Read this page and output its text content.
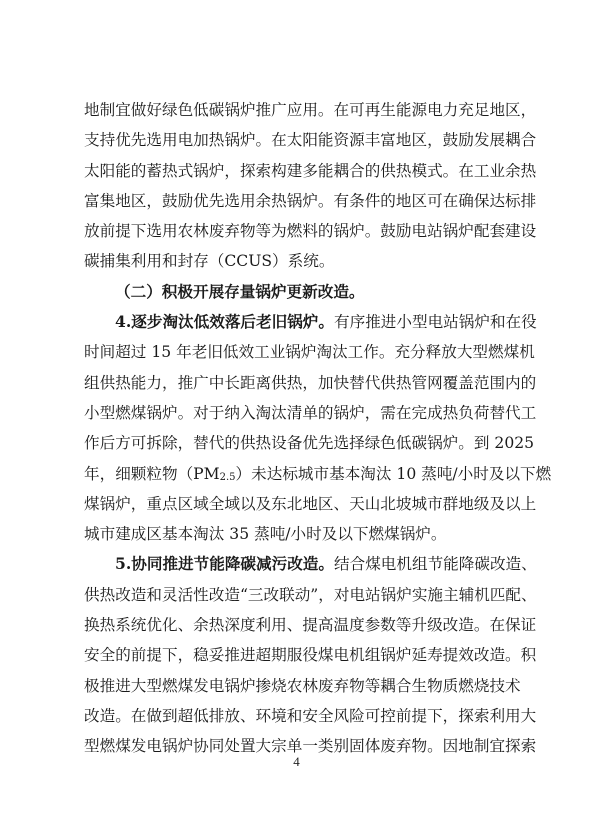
地制宜做好绿色低碳锅炉推广应用。在可再生能源电力充足地区，
支持优先选用电加热锅炉。在太阳能资源丰富地区，鼓励发展耦合
太阳能的蓄热式锅炉，探索构建多能耦合的供热模式。在工业余热
富集地区，鼓励优先选用余热锅炉。有条件的地区可在确保达标排
放前提下选用农林废弃物等为燃料的锅炉。鼓励电站锅炉配套建设
碳捕集利用和封存（CCUS）系统。
（二）积极开展存量锅炉更新改造。
4.逐步淘汰低效落后老旧锅炉。有序推进小型电站锅炉和在役
时间超过 15 年老旧低效工业锅炉淘汰工作。充分释放大型燃煤机
组供热能力，推广中长距离供热，加快替代供热管网覆盖范围内的
小型燃煤锅炉。对于纳入淘汰清单的锅炉，需在完成热负荷替代工
作后方可拆除，替代的供热设备优先选择绿色低碳锅炉。到 2025
年，细颗粒物$(PM_{2.5})$未达标城市基本淘汰 10 蒸吨/小时及以下燃
煤锅炉，重点区域全域以及东北地区、天山北坡城市群地级及以上
城市建成区基本淘汰 35 蒸吨/小时及以下燃煤锅炉。
5.协同推进节能降碳减污改造。结合煤电机组节能降碳改造、
供热改造和灵活性改造“三改联动”，对电站锅炉实施主辅机匹配、
换热系统优化、余热深度利用、提高温度参数等升级改造。在保证
安全的前提下，稳妥推进超期服役煤电机组锅炉延寿提效改造。积
极推进大型燃煤发电锅炉掺烧农林废弃物等耦合生物质燃烧技术
改造。在做到超低排放、环境和安全风险可控前提下，探索利用大
型燃煤发电锅炉协同处置大宗单一类别固体废弃物。因地制宜探索
4
